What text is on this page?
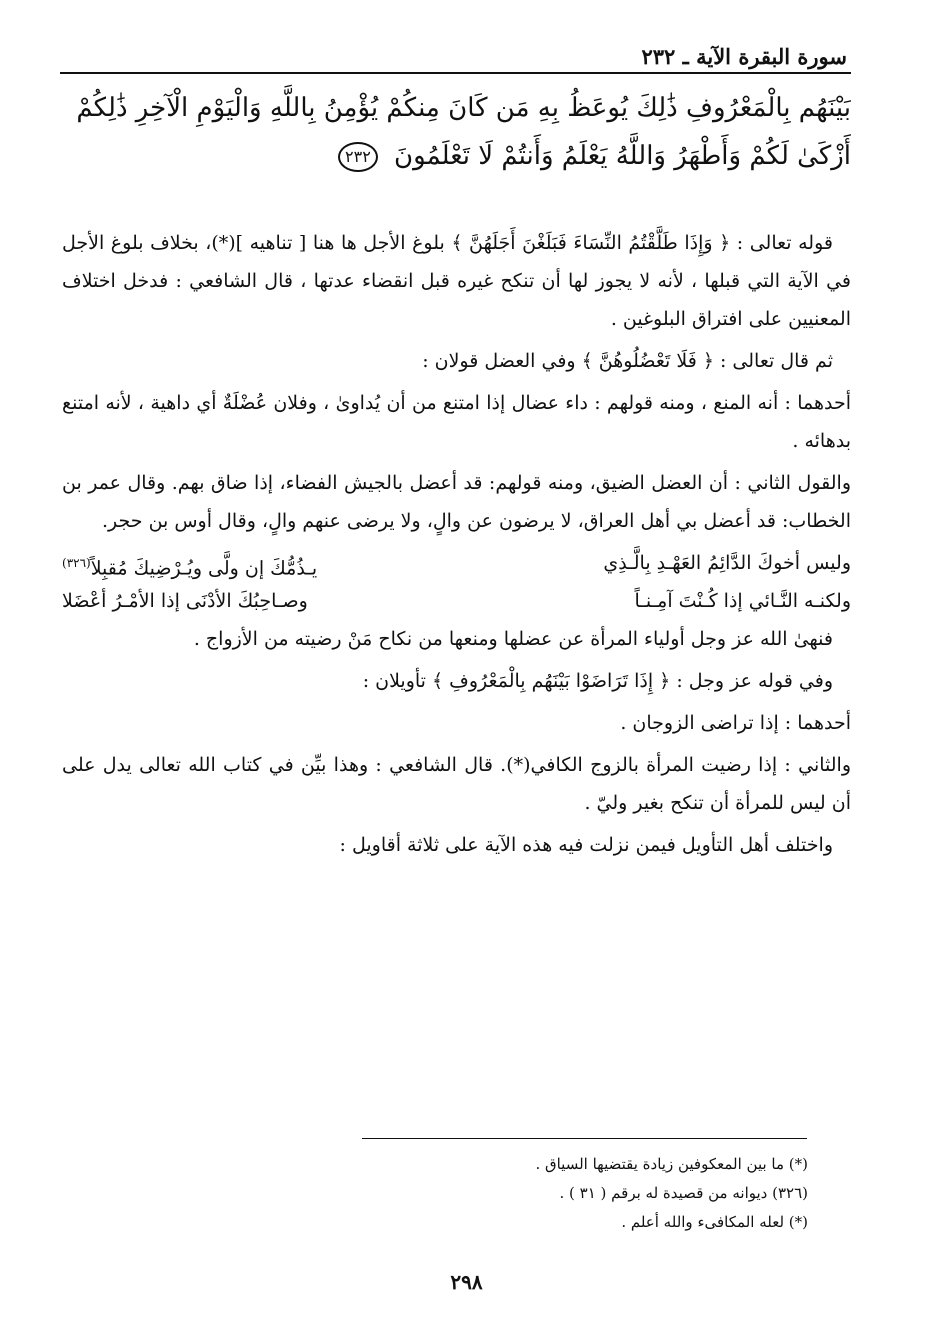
سورة البقرة الآية ـ ٢٣٢
بَيْنَهُم بِالْمَعْرُوفِ ذَٰلِكَ يُوعَظُ بِهِ مَن كَانَ مِنكُمْ يُؤْمِنُ بِاللَّهِ وَالْيَوْمِ الْآخِرِ ذَٰلِكُمْ
أَزْكَىٰ لَكُمْ وَأَطْهَرُ وَاللَّهُ يَعْلَمُ وَأَنتُمْ لَا تَعْلَمُونَ ٢٣٢

قوله تعالى : ﴿ وَإِذَا طَلَّقْتُمُ النِّسَاءَ فَبَلَغْنَ أَجَلَهُنَّ ﴾ بلوغ الأجل ها هنا [ تناهيه ](*)، بخلاف بلوغ الأجل في الآية التي قبلها ، لأنه لا يجوز لها أن تنكح غيره قبل انقضاء عدتها ، قال الشافعي : فدخل اختلاف المعنيين على افتراق البلوغين .

ثم قال تعالى : ﴿ فَلَا تَعْضُلُوهُنَّ ﴾ وفي العضل قولان :

أحدهما : أنه المنع ، ومنه قولهم : داء عضال إذا امتنع من أن يُداوىٰ ، وفلان عُضْلَةٌ أي داهية ، لأنه امتنع بدهائه .

والقول الثاني : أن العضل الضيق، ومنه قولهم: قد أعضل بالجيش الفضاء، إذا ضاق بهم. وقال عمر بن الخطاب: قد أعضل بي أهل العراق، لا يرضون عن والٍ، ولا يرضى عنهم والٍ، وقال أوس بن حجر.

وليس أخوكَ الدَّائِمُ العَهْـدِ بِالَّـذِي
يـذُمُّكَ إن ولَّى ويُـرْضِيكَ مُقبِلاً$^{(٣٢٦)}$
ولكنـه النَّـائي إذا كُـنْتَ آمِـنـاً
وصـاحِبُكَ الأدْنَى إذا الأمْـرُ أعْضَلا

فنهىٰ الله عز وجل أولياء المرأة عن عضلها ومنعها من نكاح مَنْ رضيته من الأزواج .

وفي قوله عز وجل : ﴿ إِذَا تَرَاضَوْا بَيْنَهُم بِالْمَعْرُوفِ ﴾ تأويلان :

أحدهما : إذا تراضى الزوجان .

والثاني : إذا رضيت المرأة بالزوج الكافي(*). قال الشافعي : وهذا بيِّن في كتاب الله تعالى يدل على أن ليس للمرأة أن تنكح بغير وليّ .

واختلف أهل التأويل فيمن نزلت فيه هذه الآية على ثلاثة أقاويل :

(*) ما بين المعكوفين زيادة يقتضيها السياق .
(٣٢٦) ديوانه من قصيدة له برقم ( ٣١ ) .
(*) لعله المكافىء والله أعلم .
٢٩٨
